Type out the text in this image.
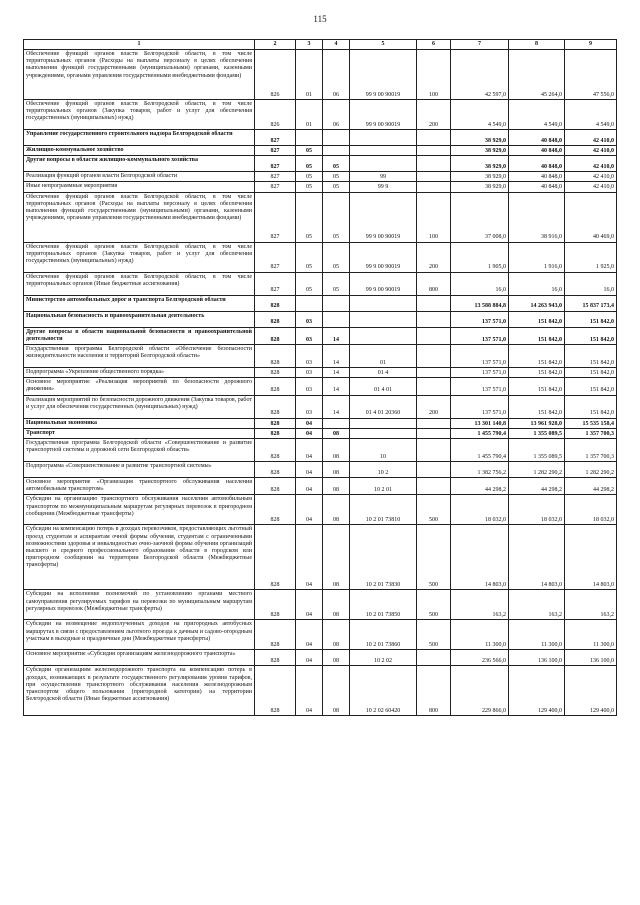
115
1	2	3	4	5	6	7	8	9
Обеспечение функций органов власти Белгородской области, в том числе территориальных органов (Расходы на выплаты персоналу в целях обеспечения выполнения функций государственными (муниципальными) органами, казенными учреждениями, органами управления государственными внебюджетными фондами)	826	01	06	99 9 00 90019	100	42 597,0	45 264,0	47 556,0
Обеспечение функций органов власти Белгородской области, в том числе территориальных органов (Закупка товаров, работ и услуг для обеспечения государственных (муниципальных) нужд)	826	01	06	99 9 00 90019	200	4 549,0	4 549,0	4 549,0
Управление государственного строительного надзора Белгородской области	827					38 929,0	40 848,0	42 410,0
Жилищно-коммунальное хозяйство	827	05				38 929,0	40 848,0	42 410,0
Другие вопросы в области жилищно-коммунального хозяйства	827	05	05			38 929,0	40 848,0	42 410,0
Реализация функций органов власти Белгородской области	827	05	05	99		38 929,0	40 848,0	42 410,0
Иные непрограммные мероприятия	827	05	05	99 9		38 929,0	40 848,0	42 410,0
Обеспечение функций органов власти Белгородской области, в том числе территориальных органов (Расходы на выплаты персоналу в целях обеспечения выполнения функций государственными (муниципальными) органами, казенными учреждениями, органами управления государственными внебюджетными фондами)	827	05	05	99 9 00 90019	100	37 008,0	38 916,0	40 469,0
Обеспечение функций органов власти Белгородской области, в том числе территориальных органов (Закупка товаров, работ и услуг для обеспечения государственных (муниципальных) нужд)	827	05	05	99 9 00 90019	200	1 905,0	1 916,0	1 925,0
Обеспечение функций органов власти Белгородской области, в том числе территориальных органов (Иные бюджетные ассигнования)	827	05	05	99 9 00 90019	800	16,0	16,0	16,0
Министерство автомобильных дорог и транспорта Белгородской области	828					13 588 884,8	14 263 943,0	15 837 173,4
Национальная безопасность и правоохранительная деятельность	828	03				137 571,0	151 842,0	151 842,0
Другие вопросы в области национальной безопасности и правоохранительной деятельности	828	03	14			137 571,0	151 842,0	151 842,0
Государственная программа Белгородской области «Обеспечение безопасности жизнедеятельности населения и территорий Белгородской области»	828	03	14	01		137 571,0	151 842,0	151 842,0
Подпрограмма «Укрепление общественного порядка»	828	03	14	01 4		137 571,0	151 842,0	151 842,0
Основное мероприятие «Реализация мероприятий по безопасности дорожного движения»	828	03	14	01 4 01		137 571,0	151 842,0	151 842,0
Реализация мероприятий по безопасности дорожного движения (Закупка товаров, работ и услуг для обеспечения государственных (муниципальных) нужд)	828	03	14	01 4 01 20360	200	137 571,0	151 842,0	151 842,0
Национальная экономика	828	04				13 301 140,8	13 961 928,0	15 535 158,4
Транспорт	828	04	08			1 455 790,4	1 355 089,5	1 357 700,3
Государственная программа Белгородской области «Совершенствование и развитие транспортной системы и дорожной сети Белгородской области»	828	04	08	10		1 455 790,4	1 355 089,5	1 357 700,3
Подпрограмма «Совершенствование и развитие транспортной системы»	828	04	08	10 2		1 382 756,2	1 282 290,2	1 282 290,2
Основное мероприятие «Организация транспортного обслуживания населения автомобильным транспортом»	828	04	08	10 2 01		44 298,2	44 298,2	44 298,2
Субсидии на организацию транспортного обслуживания населения автомобильным транспортом по межмуниципальным маршрутам регулярных перевозок в пригородном сообщении (Межбюджетные трансферты)	828	04	08	10 2 01 73810	500	18 032,0	18 032,0	18 032,0
Субсидии на компенсацию потерь в доходах перевозчиков, предоставляющих льготный проезд студентам и аспирантам очной формы обучения, студентам с ограниченными возможностями здоровья и инвалидностью очно-заочной формы обучения организаций высшего и среднего профессионального образования области в городском или пригородном сообщении на территории Белгородской области (Межбюджетные трансферты)	828	04	08	10 2 01 73830	500	14 803,0	14 803,0	14 803,0
Субсидии на исполнение полномочий по установлению органами местного самоуправления регулируемых тарифов на перевозки по муниципальным маршрутам регулярных перевозок (Межбюджетные трансферты)	828	04	08	10 2 01 73850	500	163,2	163,2	163,2
Субсидии на возмещение недополученных доходов на пригородных автобусных маршрутах в связи с предоставлением льготного проезда к дачным и садово-огородным участкам в выходные и праздничные дни (Межбюджетные трансферты)	828	04	08	10 2 01 73860	500	11 300,0	11 300,0	11 300,0
Основное мероприятие «Субсидии организациям железнодорожного транспорта»	828	04	08	10 2 02		236 566,0	136 100,0	136 100,0
Субсидии организациям железнодорожного транспорта на компенсацию потерь в доходах, возникающих в результате государственного регулирования уровня тарифов, при осуществлении транспортного обслуживания населения железнодорожным транспортом общего пользования (пригородной категории) на территории Белгородской области (Иные бюджетные ассигнования)	828	04	08	10 2 02 60420	800	229 866,0	129 400,0	129 400,0
